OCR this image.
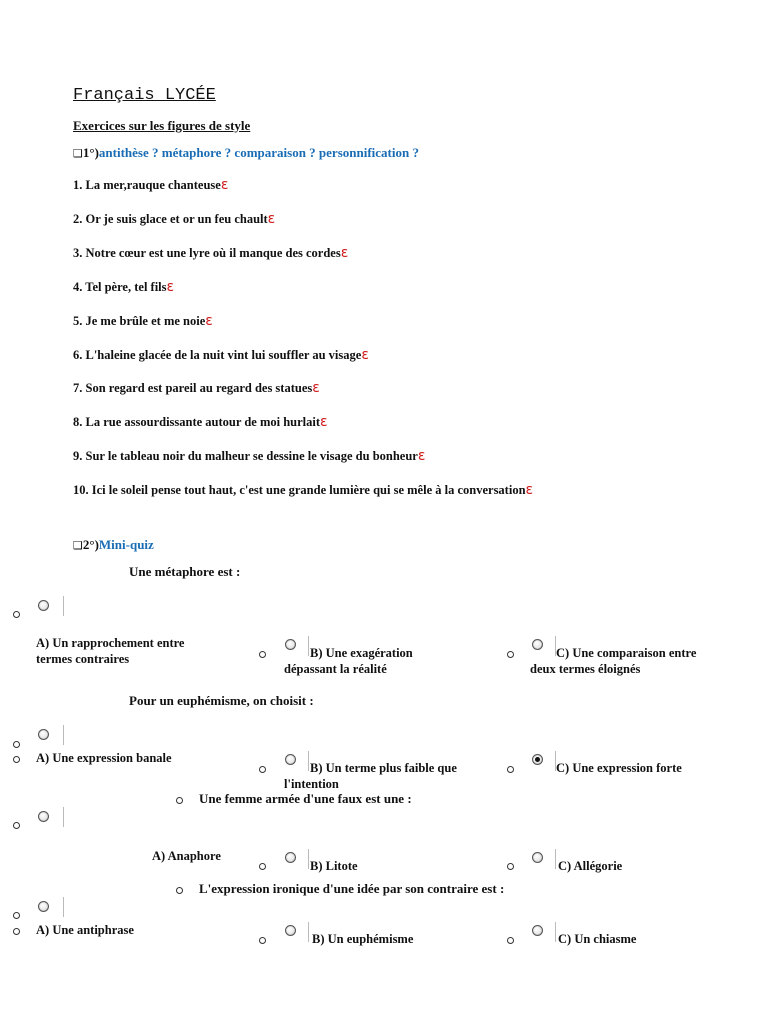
Français LYCÉE
Exercices sur les figures de style
❑1°)antithèse ? métaphore ? comparaison ? personnification ?
1. La mer,rauque chanteuseε
2. Or je suis glace et or un feu chaultε
3. Notre cœur est une lyre où il manque des cordesε
4. Tel père, tel filsε
5. Je me brûle et me noieε
6. L'haleine glacée de la nuit vint lui souffler au visageε
7. Son regard est pareil au regard des statuesε
8. La rue assourdissante autour de moi hurlaitε
9. Sur le tableau noir du malheur se dessine le visage du bonheurε
10. Ici le soleil pense tout haut, c'est une grande lumière qui se mêle à la conversationε
❑2°)Mini-quiz
Une métaphore est :
A) Un rapprochement entre
termes contraires	B) Une exagération
dépassant la réalité
C) Une comparaison entre
deux termes éloignés
Pour un euphémisme, on choisit :
A) Une expression banale
B) Un terme plus faible que
l'intention
C) Une expression forte
Une femme armée d'une faux est une :
A) Anaphore
B) Litote	C) Allégorie
L'expression ironique d'une idée par son contraire est :
A) Une antiphrase
B) Un euphémisme	C) Un chiasme
